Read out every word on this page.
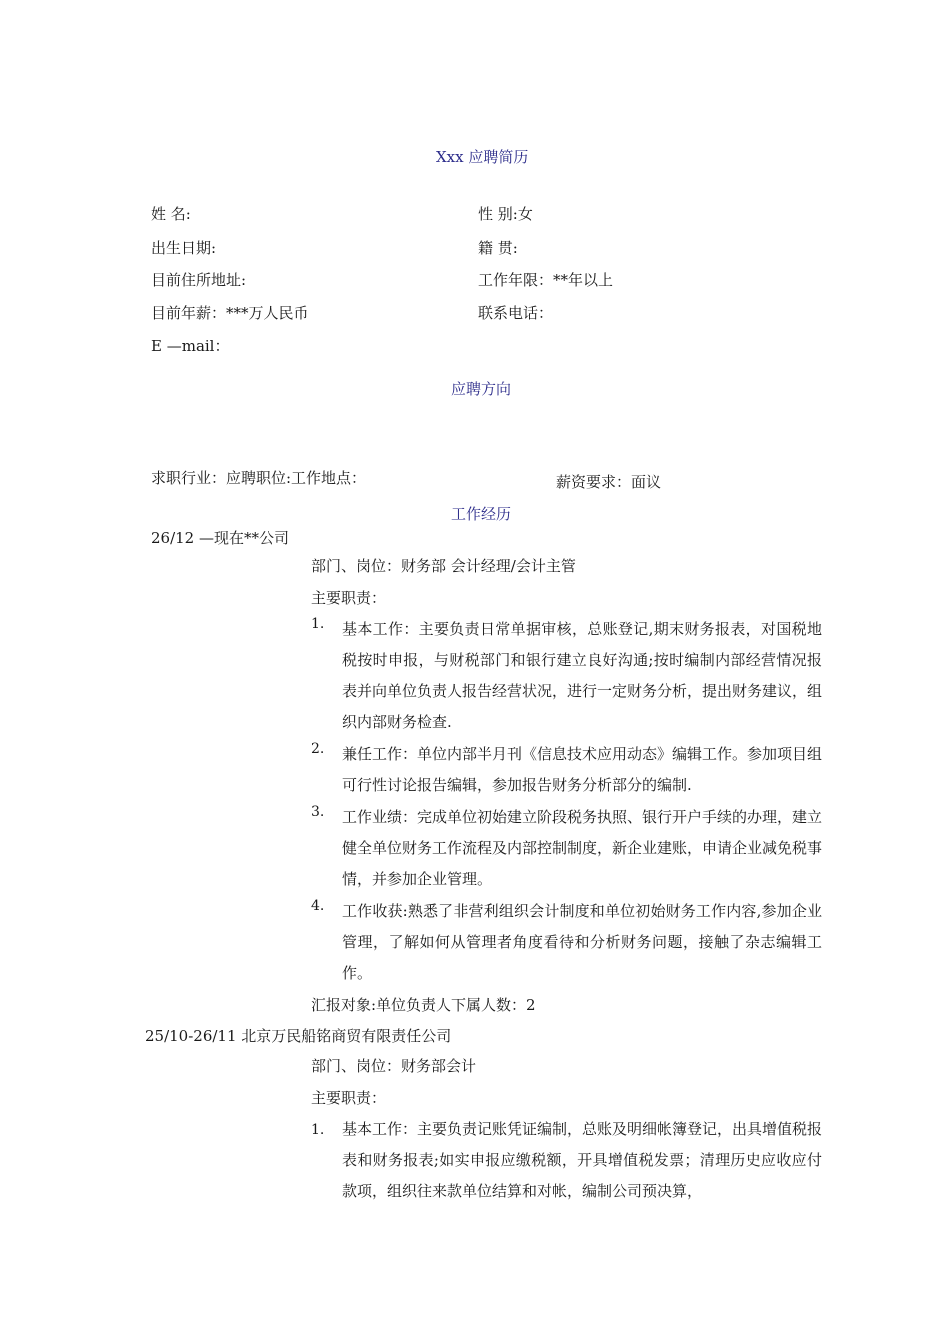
Xxx 应聘简历
姓 名:	性 别:女
出生日期:	籍 贯:
目前住所地址:	工作年限：**年以上
目前年薪：***万人民币	联系电话：
E —mail：
应聘方向
求职行业：应聘职位:工作地点：	薪资要求：面议
工作经历
26/12 —现在**公司
部门、岗位：财务部 会计经理/会计主管
主要职责：
1. 基本工作：主要负责日常单据审核，总账登记,期末财务报表，对国税地税按时申报，与财税部门和银行建立良好沟通;按时编制内部经营情况报表并向单位负责人报告经营状况，进行一定财务分析，提出财务建议，组织内部财务检查.
2. 兼任工作：单位内部半月刊《信息技术应用动态》编辑工作。参加项目组可行性讨论报告编辑，参加报告财务分析部分的编制.
3. 工作业绩：完成单位初始建立阶段税务执照、银行开户手续的办理，建立健全单位财务工作流程及内部控制制度，新企业建账，申请企业减免税事情，并参加企业管理。
4. 工作收获:熟悉了非营利组织会计制度和单位初始财务工作内容,参加企业管理，了解如何从管理者角度看待和分析财务问题，接触了杂志编辑工作。
汇报对象:单位负责人下属人数：2
25/10-26/11 北京万民船铭商贸有限责任公司
部门、岗位：财务部会计
主要职责：
1. 基本工作：主要负责记账凭证编制，总账及明细帐簿登记，出具增值税报表和财务报表;如实申报应缴税额，开具增值税发票；清理历史应收应付款项，组织往来款单位结算和对帐，编制公司预决算，
